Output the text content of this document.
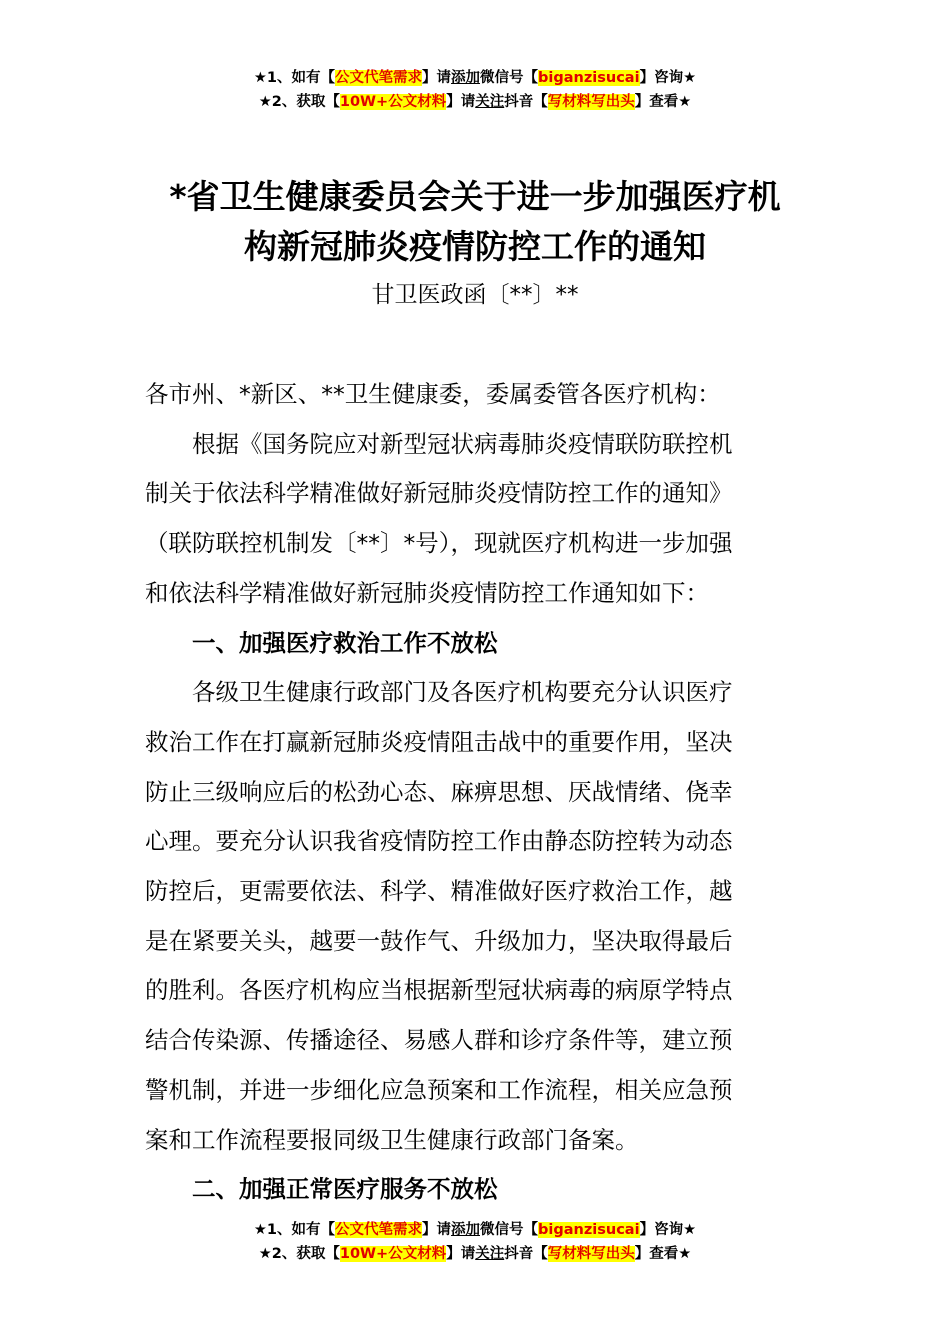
★1、如有【公文代笔需求】请添加微信号【biganzisucai】咨询★
★2、获取【10W+公文材料】请关注抖音【写材料写出头】查看★
*省卫生健康委员会关于进一步加强医疗机
构新冠肺炎疫情防控工作的通知
甘卫医政函〔**〕**
各市州、*新区、**卫生健康委，委属委管各医疗机构：
　　根据《国务院应对新型冠状病毒肺炎疫情联防联控机
制关于依法科学精准做好新冠肺炎疫情防控工作的通知》
（联防联控机制发〔**〕*号），现就医疗机构进一步加强
和依法科学精准做好新冠肺炎疫情防控工作通知如下：
　　一、加强医疗救治工作不放松
　　各级卫生健康行政部门及各医疗机构要充分认识医疗
救治工作在打赢新冠肺炎疫情阻击战中的重要作用，坚决
防止三级响应后的松劲心态、麻痹思想、厌战情绪、侥幸
心理。要充分认识我省疫情防控工作由静态防控转为动态
防控后，更需要依法、科学、精准做好医疗救治工作，越
是在紧要关头，越要一鼓作气、升级加力，坚决取得最后
的胜利。各医疗机构应当根据新型冠状病毒的病原学特点
结合传染源、传播途径、易感人群和诊疗条件等，建立预
警机制，并进一步细化应急预案和工作流程，相关应急预
案和工作流程要报同级卫生健康行政部门备案。
　　二、加强正常医疗服务不放松
★1、如有【公文代笔需求】请添加微信号【biganzisucai】咨询★
★2、获取【10W+公文材料】请关注抖音【写材料写出头】查看★
